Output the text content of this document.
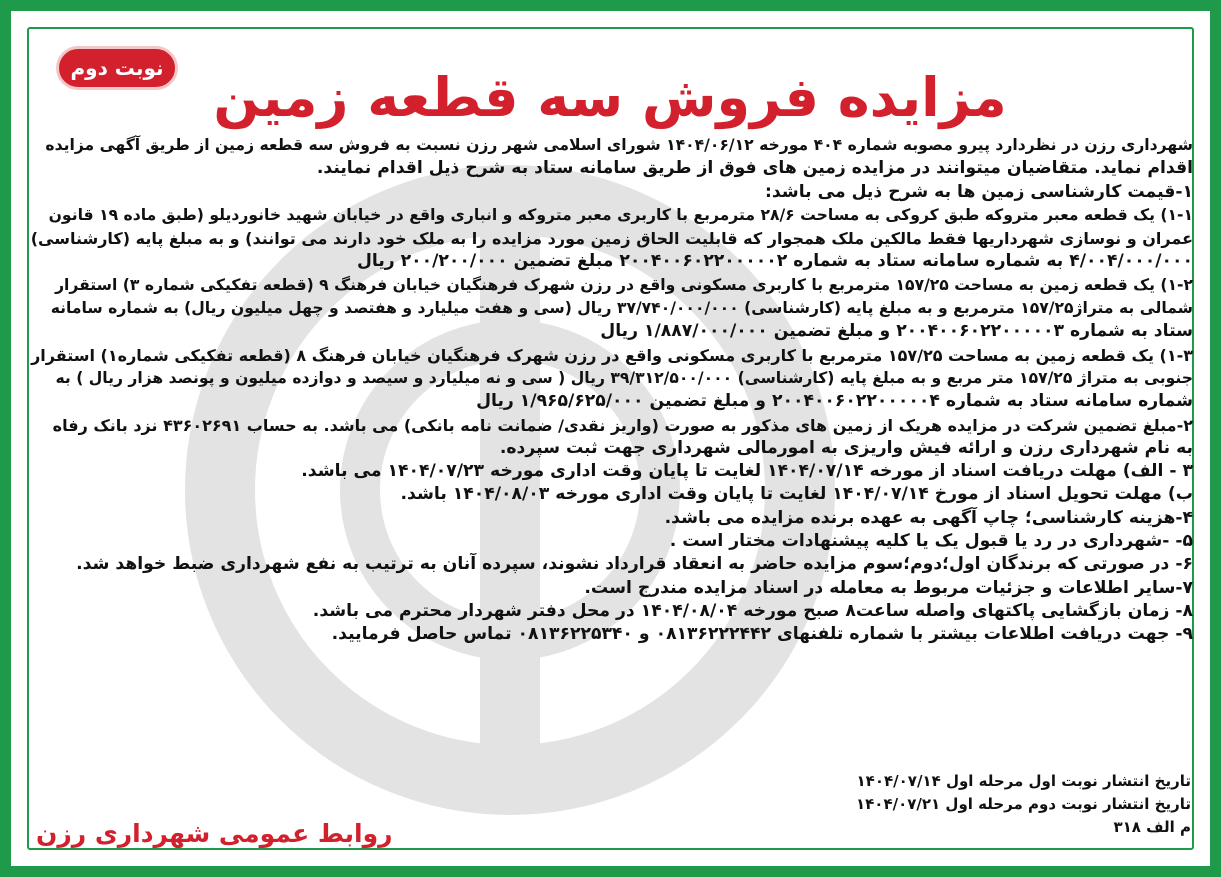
نوبت دوم مزایده فروش سه قطعه زمین

شهرداری رزن در نظردارد پیرو مصوبه شماره ۴۰۴ مورخه ۱۴۰۴/۰۶/۱۲ شورای اسلامی شهر رزن نسبت به فروش سه قطعه زمین از طریق آگهی مزایده

اقدام نماید. متقاضیان میتوانند در مزایده زمین های فوق از طریق سامانه ستاد به شرح ذیل اقدام نمایند.

۱-قیمت کارشناسی زمین ها به شرح ذیل می باشد:

۱-۱) یک قطعه معبر متروکه طبق کروکی به مساحت ۲۸/۶ مترمربع با کاربری معبر متروکه و انباری واقع در خیابان شهید خانوردیلو (طبق ماده ۱۹ قانون

عمران و نوسازی شهرداریها فقط مالکین ملک همجوار که قابلیت الحاق زمین مورد مزایده را به ملک خود دارند می توانند) و به مبلغ پایه (کارشناسی)

۴/۰۰۴/۰۰۰/۰۰۰ به شماره سامانه ستاد به شماره ۲۰۰۴۰۰۶۰۲۲۰۰۰۰۰۲ مبلغ تضمین ۲۰۰/۲۰۰/۰۰۰ ریال

۱-۲) یک قطعه زمین به مساحت ۱۵۷/۲۵ مترمربع با کاربری مسکونی واقع در رزن شهرک فرهنگیان خیابان فرهنگ ۹ (قطعه تفکیکی شماره ۳) استقرار

شمالی به متراژ۱۵۷/۲۵ مترمربع و به مبلغ پایه (کارشناسی) ۳۷/۷۴۰/۰۰۰/۰۰۰ ریال (سی و هفت میلیارد و هفتصد و چهل میلیون ریال) به شماره سامانه

ستاد به شماره ۲۰۰۴۰۰۶۰۲۲۰۰۰۰۰۳ و مبلغ تضمین ۱/۸۸۷/۰۰۰/۰۰۰ ریال

۱-۳) یک قطعه زمین به مساحت ۱۵۷/۲۵ مترمربع با کاربری مسکونی واقع در رزن شهرک فرهنگیان خیابان فرهنگ ۸ (قطعه تفکیکی شماره۱) استقرار

جنوبی به متراژ ۱۵۷/۲۵ متر مربع و به مبلغ پایه (کارشناسی) ۳۹/۳۱۲/۵۰۰/۰۰۰ ریال ( سی و نه میلیارد و سیصد و دوازده میلیون و پونصد هزار ریال ) به

شماره سامانه ستاد به شماره ۲۰۰۴۰۰۶۰۲۲۰۰۰۰۰۴ و مبلغ تضمین ۱/۹۶۵/۶۲۵/۰۰۰ ریال

۲-مبلغ تضمین شرکت در مزایده هریک از زمین های مذکور به صورت (واریز نقدی/ ضمانت نامه بانکی) می باشد. به حساب ۴۳۶۰۲۶۹۱ نزد بانک رفاه

به نام شهرداری رزن و ارائه فیش واریزی به امورمالی شهرداری جهت ثبت سپرده.

۳ - الف) مهلت دریافت اسناد از مورخه ۱۴۰۴/۰۷/۱۴ لغایت تا پایان وقت اداری مورخه ۱۴۰۴/۰۷/۲۳ می باشد.

ب) مهلت تحویل اسناد از مورخ ۱۴۰۴/۰۷/۱۴ لغایت تا پایان وقت اداری مورخه ۱۴۰۴/۰۸/۰۳ باشد.

۴-هزینه کارشناسی؛ چاپ آگهی به عهده برنده مزایده می باشد.

۵- -شهرداری در رد یا قبول یک یا کلیه پیشنهادات مختار است .

۶- در صورتی که برندگان اول؛دوم؛سوم مزایده حاضر به انعقاد قرارداد نشوند، سپرده آنان به ترتیب به نفع شهرداری ضبط خواهد شد.

۷-سایر اطلاعات و جزئیات مربوط به معامله در اسناد مزایده مندرج است.

۸- زمان بازگشایی پاکتهای واصله ساعت۸ صبح مورخه ۱۴۰۴/۰۸/۰۴ در محل دفتر شهردار محترم می باشد.

۹- جهت دریافت اطلاعات بیشتر با شماره تلفنهای ۰۸۱۳۶۲۲۲۴۴۲ و ۰۸۱۳۶۲۲۵۳۴۰ تماس حاصل فرمایید.

تاریخ انتشار نوبت اول مرحله اول ۱۴۰۴/۰۷/۱۴

تاریخ انتشار نوبت دوم مرحله اول ۱۴۰۴/۰۷/۲۱

م الف ۳۱۸

روابط عمومی شهرداری رزن
